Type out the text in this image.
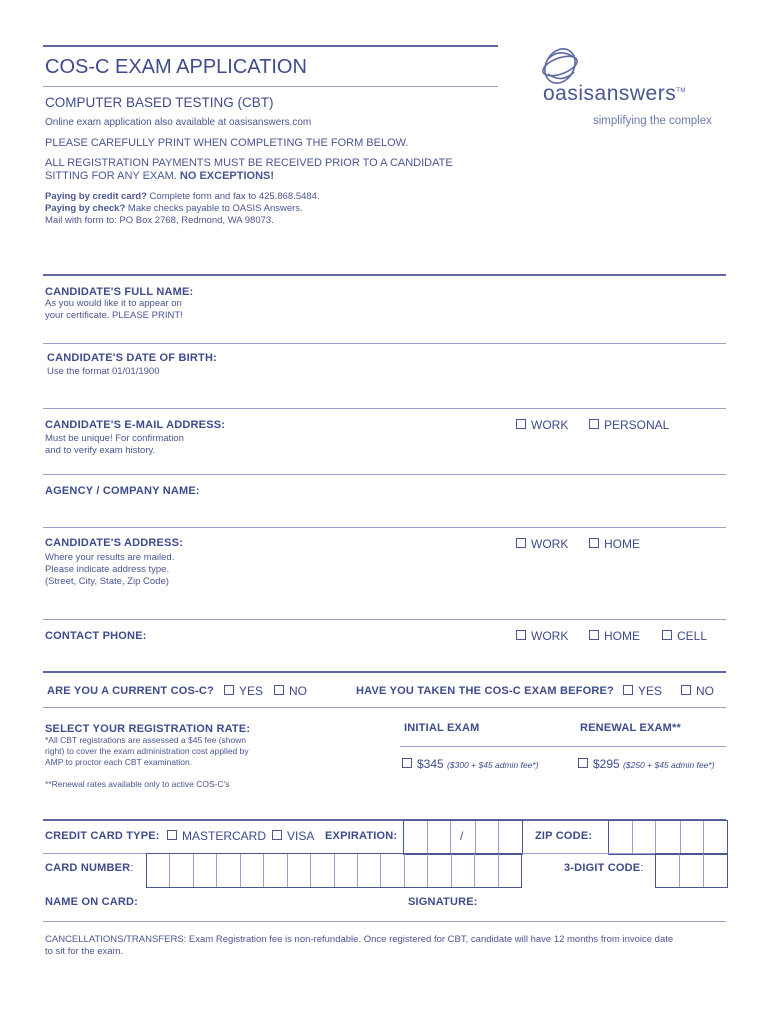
COS-C EXAM APPLICATION
COMPUTER BASED TESTING (CBT)
Online exam application also available at oasisanswers.com
PLEASE CAREFULLY PRINT WHEN COMPLETING THE FORM BELOW.
ALL REGISTRATION PAYMENTS MUST BE RECEIVED PRIOR TO A CANDIDATE
SITTING FOR ANY EXAM. NO EXCEPTIONS!
Paying by credit card? Complete form and fax to 425.868.5484.
Paying by check? Make checks payable to OASIS Answers.
Mail with form to: PO Box 2768, Redmond, WA 98073.
oasisanswers™
simplifying the complex
CANDIDATE'S FULL NAME:
As you would like it to appear on
your certificate. PLEASE PRINT!
CANDIDATE'S DATE OF BIRTH:
Use the format 01/01/1900
CANDIDATE'S E-MAIL ADDRESS:
Must be unique! For confirmation
and to verify exam history.
WORK	PERSONAL
AGENCY / COMPANY NAME:
CANDIDATE'S ADDRESS:
Where your results are mailed.
Please indicate address type.
(Street, City, State, Zip Code)
WORK	HOME
CONTACT PHONE:	WORK	HOME	CELL
ARE YOU A CURRENT COS-C?	YES	NO	HAVE YOU TAKEN THE COS-C EXAM BEFORE?	YES	NO
SELECT YOUR REGISTRATION RATE:
*All CBT registrations are assessed a $45 fee (shown
right) to cover the exam administration cost applied by
AMP to proctor each CBT examination.
**Renewal rates available only to active COS-C's
INITIAL EXAM	RENEWAL EXAM**
$345 ($300 + $45 admin fee*)	$295 ($250 + $45 admin fee*)
CREDIT CARD TYPE:	MASTERCARD	VISA EXPIRATION:	/	ZIP CODE:
CARD NUMBER:	3-DIGIT CODE:
NAME ON CARD:	SIGNATURE:
CANCELLATIONS/TRANSFERS: Exam Registration fee is non-refundable. Once registered for CBT, candidate will have 12 months from invoice date
to sit for the exam.
